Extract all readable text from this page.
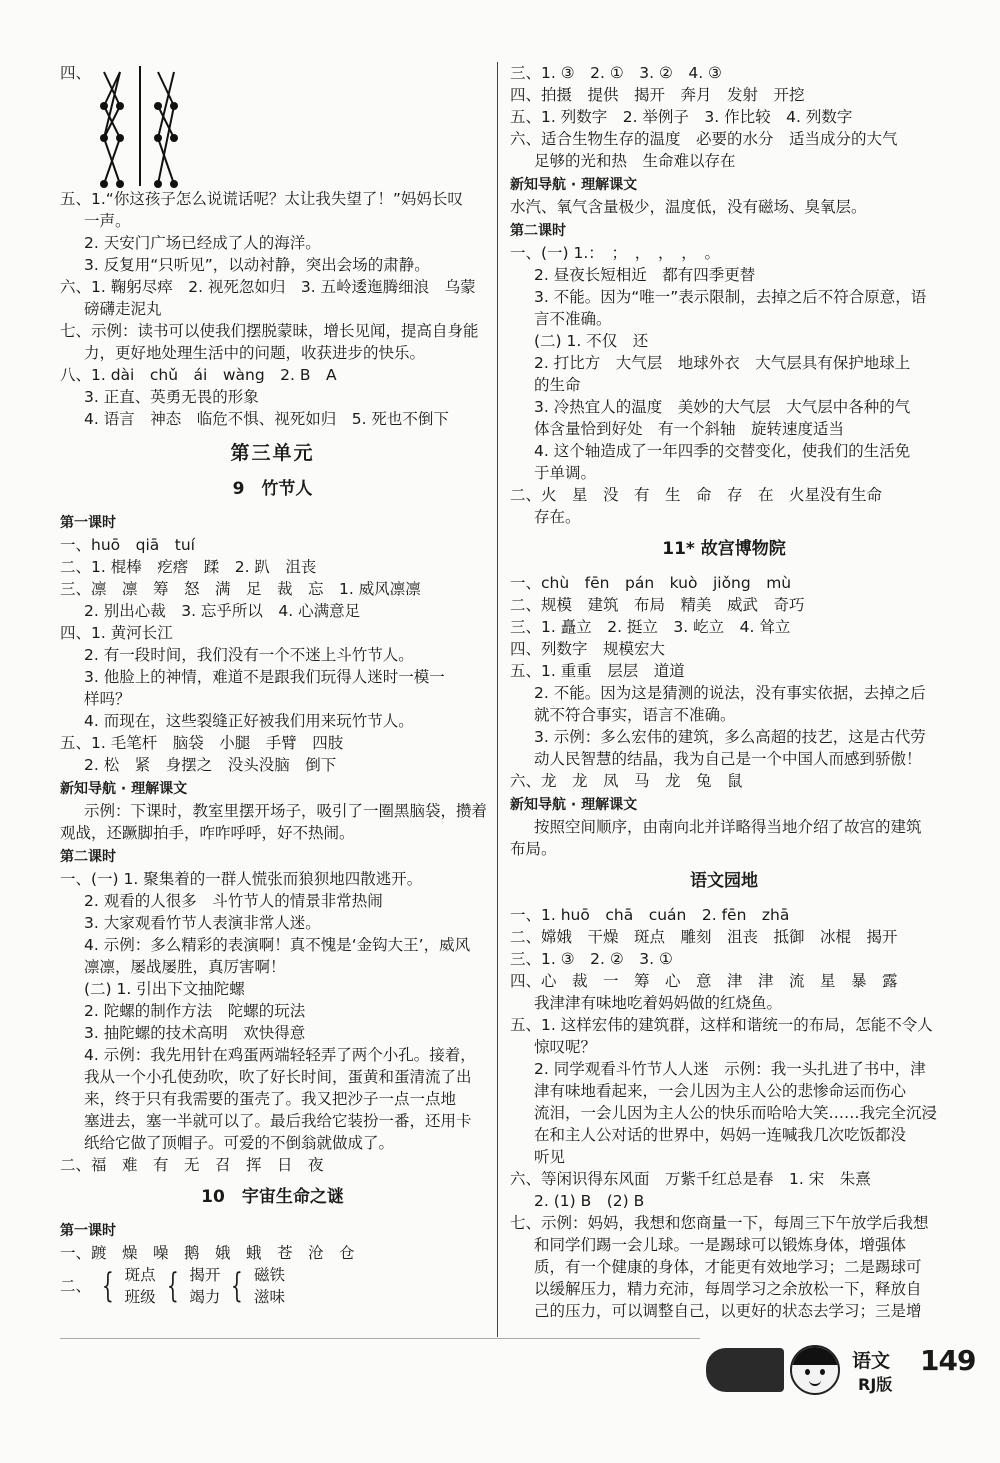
四、
五、1.“你这孩子怎么说谎话呢？太让我失望了！”妈妈长叹
一声。
2. 天安门广场已经成了人的海洋。
3. 反复用“只听见”，以动衬静，突出会场的肃静。
六、1. 鞠躬尽瘁　2. 视死忽如归　3. 五岭逶迤腾细浪　乌蒙
磅礴走泥丸
七、示例：读书可以使我们摆脱蒙昧，增长见闻，提高自身能
力，更好地处理生活中的问题，收获进步的快乐。
八、1. dài　chǔ　ái　wàng　2. B　A
3. 正直、英勇无畏的形象
4. 语言　神态　临危不惧、视死如归　5. 死也不倒下
第三单元
9　竹节人
第一课时
一、huō　qiā　tuí
二、1. 棍棒　疙瘩　蹂　2. 趴　沮丧
三、凛　凛　筹　怒　满　足　裁　忘　1. 威风凛凛
2. 别出心裁　3. 忘乎所以　4. 心满意足
四、1. 黄河长江
2. 有一段时间，我们没有一个不迷上斗竹节人。
3. 他脸上的神情，难道不是跟我们玩得人迷时一模一
样吗？
4. 而现在，这些裂缝正好被我们用来玩竹节人。
五、1. 毛笔杆　脑袋　小腿　手臂　四肢
2. 松　紧　身摆之　没头没脑　倒下
新知导航 · 理解课文
示例：下课时，教室里摆开场子，吸引了一圈黑脑袋，攒着
观战，还蹶脚拍手，咋咋呼呼，好不热闹。
第二课时
一、(一) 1. 聚集着的一群人慌张而狼狈地四散逃开。
2. 观看的人很多　斗竹节人的情景非常热闹
3. 大家观看竹节人表演非常人迷。
4. 示例：多么精彩的表演啊！真不愧是‘金钩大王’，威风
凛凛，屡战屡胜，真厉害啊！
(二) 1. 引出下文抽陀螺
2. 陀螺的制作方法　陀螺的玩法
3. 抽陀螺的技术高明　欢快得意
4. 示例：我先用针在鸡蛋两端轻轻弄了两个小孔。接着，
我从一个小孔使劲吹，吹了好长时间，蛋黄和蛋清流了出
来，终于只有我需要的蛋壳了。我又把沙子一点一点地
塞进去，塞一半就可以了。最后我给它装扮一番，还用卡
纸给它做了顶帽子。可爱的不倒翁就做成了。
二、福　难　有　无　召　挥　日　夜
10　宇宙生命之谜
第一课时
一、踱　燥　噪　鹅　娥　蛾　苍　沧　仓
二、 { 斑点
班级 { 揭开
竭力 { 磁铁
滋味
三、1. ③　2. ①　3. ②　4. ③
四、拍摄　提供　揭开　奔月　发射　开挖
五、1. 列数字　2. 举例子　3. 作比较　4. 列数字
六、适合生物生存的温度　必要的水分　适当成分的大气
足够的光和热　生命难以存在
新知导航 · 理解课文
水汽、氧气含量极少，温度低，没有磁场、臭氧层。
第二课时
一、(一) 1.：　；　，　，　，　。
2. 昼夜长短相近　都有四季更替
3. 不能。因为“唯一”表示限制，去掉之后不符合原意，语
言不准确。
(二) 1. 不仅　还
2. 打比方　大气层　地球外衣　大气层具有保护地球上
的生命
3. 冷热宜人的温度　美妙的大气层　大气层中各种的气
体含量恰到好处　有一个斜轴　旋转速度适当
4. 这个轴造成了一年四季的交替变化，使我们的生活免
于单调。
二、火　星　没　有　生　命　存　在　火星没有生命
存在。
11* 故宫博物院
一、chù　fēn　pán　kuò　jiǒng　mù
二、规模　建筑　布局　精美　威武　奇巧
三、1. 矗立　2. 挺立　3. 屹立　4. 耸立
四、列数字　规模宏大
五、1. 重重　层层　道道
2. 不能。因为这是猜测的说法，没有事实依据，去掉之后
就不符合事实，语言不准确。
3. 示例：多么宏伟的建筑，多么高超的技艺，这是古代劳
动人民智慧的结晶，我为自己是一个中国人而感到骄傲！
六、龙　龙　凤　马　龙　兔　鼠
新知导航 · 理解课文
按照空间顺序，由南向北并详略得当地介绍了故宫的建筑
布局。
语文园地
一、1. huō　chā　cuán　2. fēn　zhā
二、嫦娥　干燥　斑点　雕刻　沮丧　抵御　冰棍　揭开
三、1. ③　2. ②　3. ①
四、心　裁　一　筹　心　意　津　津　流　星　暴　露
我津津有味地吃着妈妈做的红烧鱼。
五、1. 这样宏伟的建筑群，这样和谐统一的布局，怎能不令人
惊叹呢？
2. 同学观看斗竹节人人迷　示例：我一头扎进了书中，津
津有味地看起来，一会儿因为主人公的悲惨命运而伤心
流泪，一会儿因为主人公的快乐而哈哈大笑……我完全沉浸
在和主人公对话的世界中，妈妈一连喊我几次吃饭都没
听见
六、等闲识得东风面　万紫千红总是春　1. 宋　朱熹
2. (1) B　(2) B
七、示例：妈妈，我想和您商量一下，每周三下午放学后我想
和同学们踢一会儿球。一是踢球可以锻炼身体，增强体
质，有一个健康的身体，才能更有效地学习；二是踢球可
以缓解压力，精力充沛，每周学习之余放松一下，释放自
己的压力，可以调整自己，以更好的状态去学习；三是增
语文
RJ版
149
